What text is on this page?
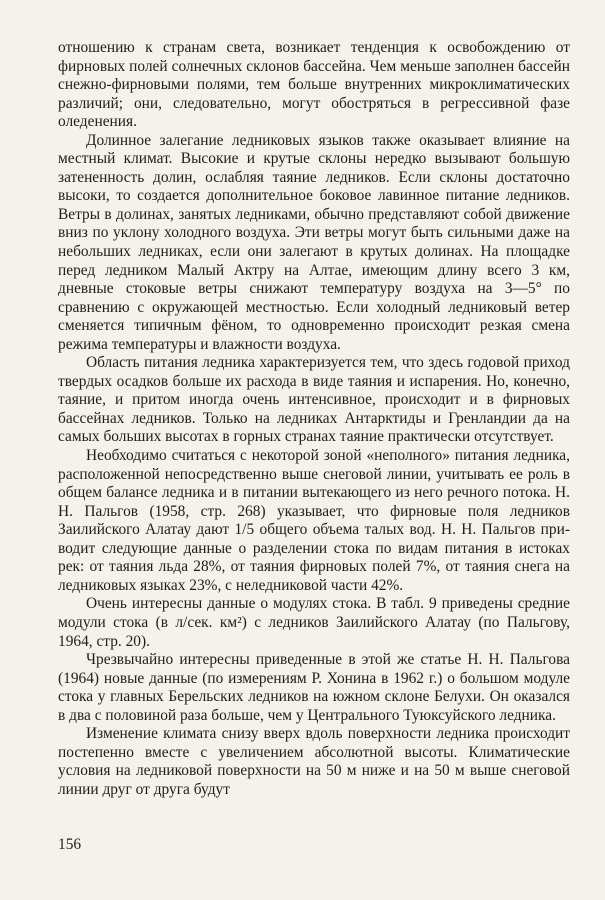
отношению к странам света, возникает тенденция к освобождению от фирновых полей солнечных склонов бассейна. Чем меньше заполнен бассейн снежно-фирновыми полями, тем больше внутренних микроклиматических различий; они, следовательно, могут обостряться в регрессивной фазе оледенения.

Долинное залегание ледниковых языков также оказывает влияние на местный климат. Высокие и крутые склоны нередко вызывают большую затененность долин, ослабляя таяние ледников. Если склоны достаточно высоки, то создается дополнительное боковое лавинное питание ледников. Ветры в долинах, занятых ледниками, обычно представляют собой движение вниз по уклону холодного воздуха. Эти ветры могут быть сильными даже на небольших ледниках, если они залегают в крутых долинах. На площадке перед ледником Малый Актру на Алтае, имеющим длину всего 3 км, дневные стоковые ветры снижают температуру воздуха на 3—5° по сравнению с окружающей местностью. Если холодный ледниковый ветер сменяется типичным фёном, то одновременно происходит резкая смена режима температуры и влажности воздуха.

Область питания ледника характеризуется тем, что здесь годовой приход твердых осадков больше их расхода в виде таяния и испарения. Но, конечно, таяние, и притом иногда очень интенсивное, происходит и в фирновых бассейнах ледников. Только на ледниках Антарктиды и Гренландии да на самых больших высотах в горных странах таяние практически отсутствует.

Необходимо считаться с некоторой зоной «неполного» питания ледника, расположенной непосредственно выше снеговой линии, учитывать ее роль в общем балансе ледника и в питании вытекающего из него речного потока. Н. Н. Пальгов (1958, стр. 268) указывает, что фирновые поля ледников Заилийского Алатау дают 1/5 общего объема талых вод. Н. Н. Пальгов приводит следующие данные о разделении стока по видам питания в истоках рек: от таяния льда 28%, от таяния фирновых полей 7%, от таяния снега на ледниковых языках 23%, с неледниковой части 42%.

Очень интересны данные о модулях стока. В табл. 9 приведены средние модули стока (в л/сек. км²) с ледников Заилийского Алатау (по Пальгову, 1964, стр. 20).

Чрезвычайно интересны приведенные в этой же статье Н. Н. Пальгова (1964) новые данные (по измерениям Р. Хонина в 1962 г.) о большом модуле стока у главных Берельских ледников на южном склоне Белухи. Он оказался в два с половиной раза больше, чем у Центрального Туюксуйского ледника.

Изменение климата снизу вверх вдоль поверхности ледника происходит постепенно вместе с увеличением абсолютной высоты. Климатические условия на ледниковой поверхности на 50 м ниже и на 50 м выше снеговой линии друг от друга будут

156
